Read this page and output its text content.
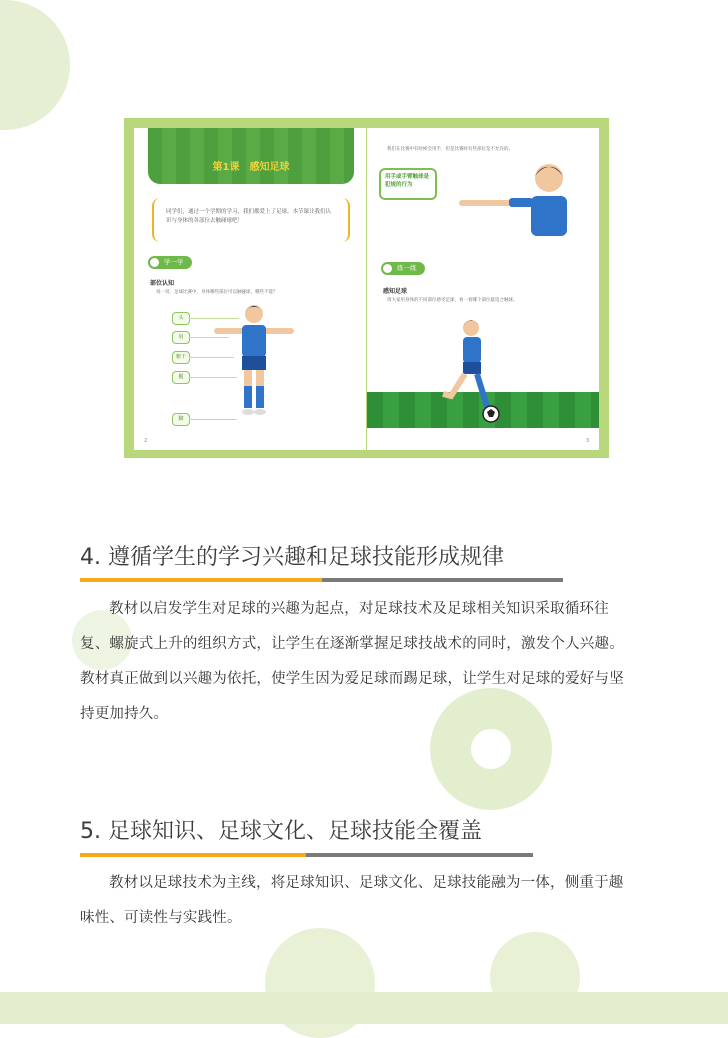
第1课　感知足球
同学们，通过一个学期的学习，我们都爱上了足球。本节课让我们认识与身体的各部位去触碰球吧！
学一学
部位认知
说一说：足球比赛中，身体哪些部位可以触碰球，哪些不能？
头
肩
躯干
腿
脚
2
我们在比赛中有时候会用手，但是比赛时有些部位是不允许的。
用手或手臂触球是犯规的行为
练一练
感知足球
请大家用身体的不同部位感受足球，看一看哪个部位最适合触球。
3
4. 遵循学生的学习兴趣和足球技能形成规律
教材以启发学生对足球的兴趣为起点，对足球技术及足球相关知识采取循环往
复、螺旋式上升的组织方式，让学生在逐渐掌握足球技战术的同时，激发个人兴趣。
教材真正做到以兴趣为依托，使学生因为爱足球而踢足球，让学生对足球的爱好与坚
持更加持久。
5. 足球知识、足球文化、足球技能全覆盖
教材以足球技术为主线，将足球知识、足球文化、足球技能融为一体，侧重于趣
味性、可读性与实践性。
